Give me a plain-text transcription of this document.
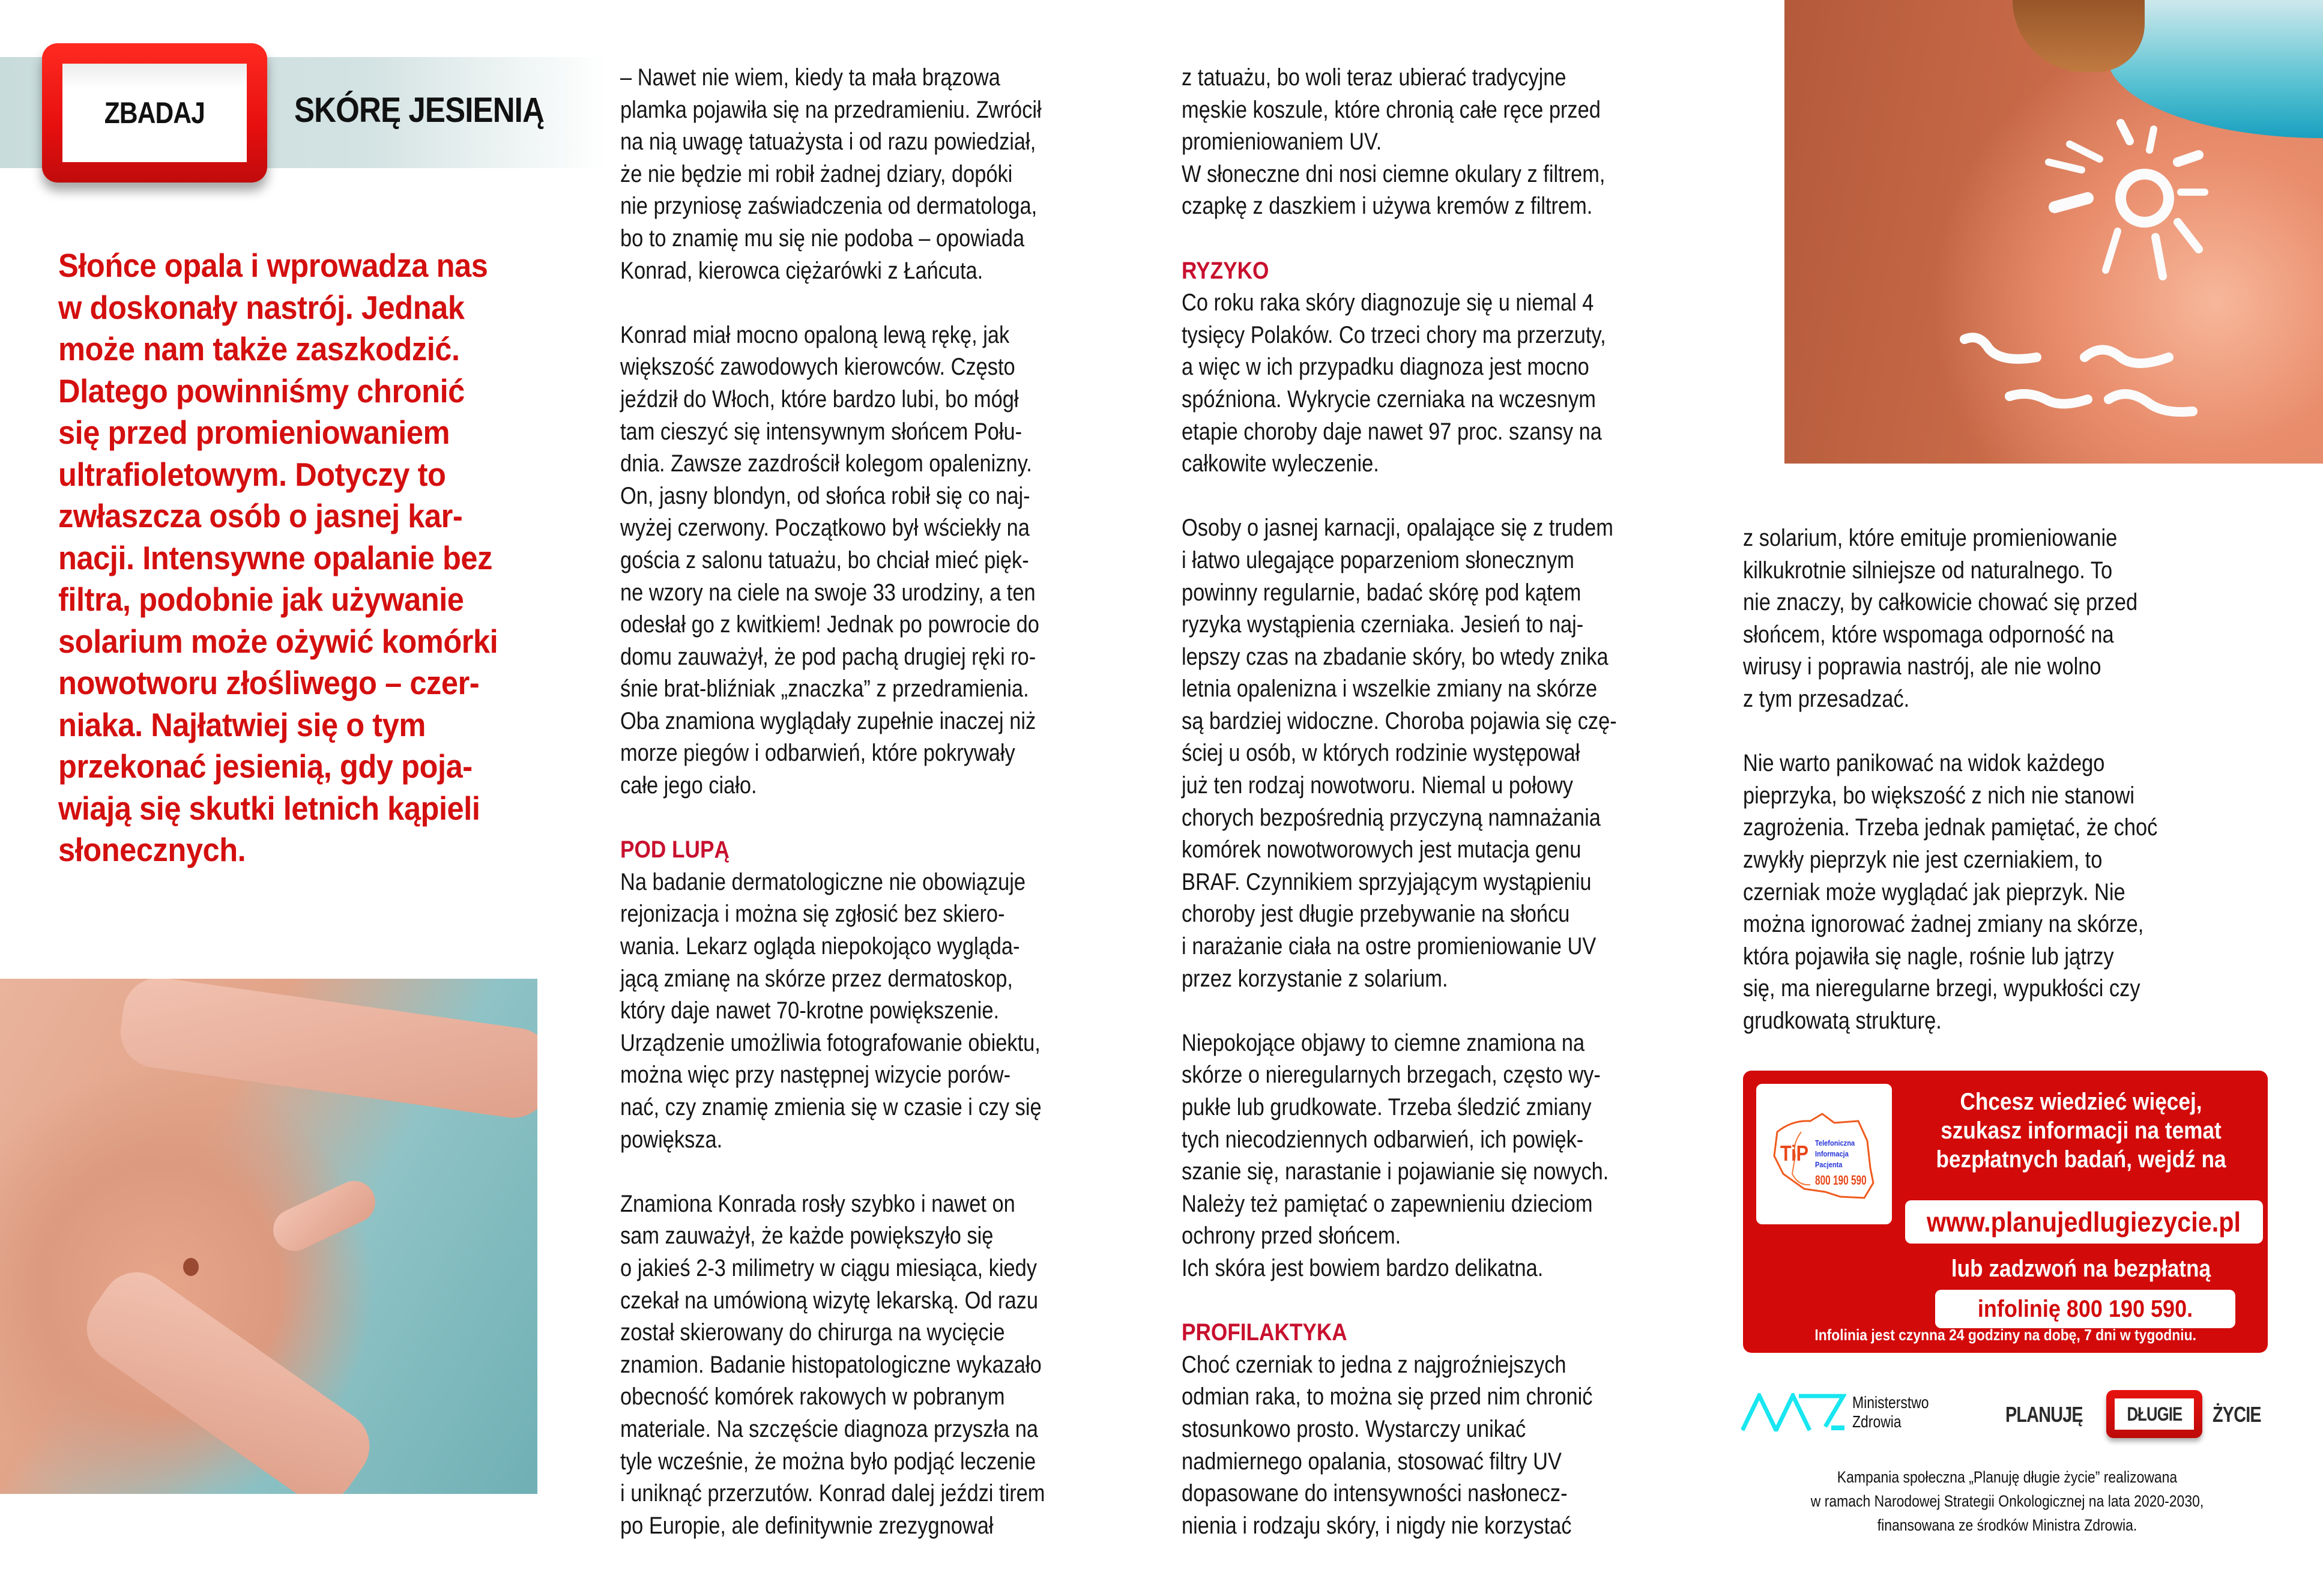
ZBADAJ	SKÓRĘ JESIENIĄ
Słońce opala i wprowadza nas
w doskonały nastrój. Jednak
może nam także zaszkodzić.
Dlatego powinniśmy chronić
się przed promieniowaniem
ultrafioletowym. Dotyczy to
zwłaszcza osób o jasnej kar-
nacji. Intensywne opalanie bez
filtra, podobnie jak używanie
solarium może ożywić komórki
nowotworu złośliwego – czer-
niaka. Najłatwiej się o tym
przekonać jesienią, gdy poja-
wiają się skutki letnich kąpieli
słonecznych.
– Nawet nie wiem, kiedy ta mała brązowa
plamka pojawiła się na przedramieniu. Zwrócił
na nią uwagę tatuażysta i od razu powiedział,
że nie będzie mi robił żadnej dziary, dopóki
nie przyniosę zaświadczenia od dermatologa,
bo to znamię mu się nie podoba – opowiada
Konrad, kierowca ciężarówki z Łańcuta.
Konrad miał mocno opaloną lewą rękę, jak
większość zawodowych kierowców. Często
jeździł do Włoch, które bardzo lubi, bo mógł
tam cieszyć się intensywnym słońcem Połu-
dnia. Zawsze zazdrościł kolegom opalenizny.
On, jasny blondyn, od słońca robił się co naj-
wyżej czerwony. Początkowo był wściekły na
gościa z salonu tatuażu, bo chciał mieć pięk-
ne wzory na ciele na swoje 33 urodziny, a ten
odesłał go z kwitkiem! Jednak po powrocie do
domu zauważył, że pod pachą drugiej ręki ro-
śnie brat-bliźniak „znaczka” z przedramienia.
Oba znamiona wyglądały zupełnie inaczej niż
morze piegów i odbarwień, które pokrywały
całe jego ciało.
POD LUPĄ
Na badanie dermatologiczne nie obowiązuje
rejonizacja i można się zgłosić bez skiero-
wania. Lekarz ogląda niepokojąco wygląda-
jącą zmianę na skórze przez dermatoskop,
który daje nawet 70-krotne powiększenie.
Urządzenie umożliwia fotografowanie obiektu,
można więc przy następnej wizycie porów-
nać, czy znamię zmienia się w czasie i czy się
powiększa.
Znamiona Konrada rosły szybko i nawet on
sam zauważył, że każde powiększyło się
o jakieś 2-3 milimetry w ciągu miesiąca, kiedy
czekał na umówioną wizytę lekarską. Od razu
został skierowany do chirurga na wycięcie
znamion. Badanie histopatologiczne wykazało
obecność komórek rakowych w pobranym
materiale. Na szczęście diagnoza przyszła na
tyle wcześnie, że można było podjąć leczenie
i uniknąć przerzutów. Konrad dalej jeździ tirem
po Europie, ale definitywnie zrezygnował
z tatuażu, bo woli teraz ubierać tradycyjne
męskie koszule, które chronią całe ręce przed
promieniowaniem UV.
W słoneczne dni nosi ciemne okulary z filtrem,
czapkę z daszkiem i używa kremów z filtrem.
RYZYKO
Co roku raka skóry diagnozuje się u niemal 4
tysięcy Polaków. Co trzeci chory ma przerzuty,
a więc w ich przypadku diagnoza jest mocno
spóźniona. Wykrycie czerniaka na wczesnym
etapie choroby daje nawet 97 proc. szansy na
całkowite wyleczenie.
Osoby o jasnej karnacji, opalające się z trudem
i łatwo ulegające poparzeniom słonecznym
powinny regularnie, badać skórę pod kątem
ryzyka wystąpienia czerniaka. Jesień to naj-
lepszy czas na zbadanie skóry, bo wtedy znika
letnia opalenizna i wszelkie zmiany na skórze
są bardziej widoczne. Choroba pojawia się czę-
ściej u osób, w których rodzinie występował
już ten rodzaj nowotworu. Niemal u połowy
chorych bezpośrednią przyczyną namnażania
komórek nowotworowych jest mutacja genu
BRAF. Czynnikiem sprzyjającym wystąpieniu
choroby jest długie przebywanie na słońcu
i narażanie ciała na ostre promieniowanie UV
przez korzystanie z solarium.
Niepokojące objawy to ciemne znamiona na
skórze o nieregularnych brzegach, często wy-
pukłe lub grudkowate. Trzeba śledzić zmiany
tych niecodziennych odbarwień, ich powięk-
szanie się, narastanie i pojawianie się nowych.
Należy też pamiętać o zapewnieniu dzieciom
ochrony przed słońcem.
Ich skóra jest bowiem bardzo delikatna.
PROFILAKTYKA
Choć czerniak to jedna z najgroźniejszych
odmian raka, to można się przed nim chronić
stosunkowo prosto. Wystarczy unikać
nadmiernego opalania, stosować filtry UV
dopasowane do intensywności nasłonecz-
nienia i rodzaju skóry, i nigdy nie korzystać
z solarium, które emituje promieniowanie
kilkukrotnie silniejsze od naturalnego. To
nie znaczy, by całkowicie chować się przed
słońcem, które wspomaga odporność na
wirusy i poprawia nastrój, ale nie wolno
z tym przesadzać.
Nie warto panikować na widok każdego
pieprzyka, bo większość z nich nie stanowi
zagrożenia. Trzeba jednak pamiętać, że choć
zwykły pieprzyk nie jest czerniakiem, to
czerniak może wyglądać jak pieprzyk. Nie
można ignorować żadnej zmiany na skórze,
która pojawiła się nagle, rośnie lub jątrzy
się, ma nieregularne brzegi, wypukłości czy
grudkowatą strukturę.
TiP Telefoniczna
Informacja
Pacjenta
800 190 590
Chcesz wiedzieć więcej,
szukasz informacji na temat
bezpłatnych badań, wejdź na
www.planujedlugiezycie.pl
lub zadzwoń na bezpłatną
infolinię 800 190 590.
Infolinia jest czynna 24 godziny na dobę, 7 dni w tygodniu.
Ministerstwo
Zdrowia	PLANUJĘ DŁUGIE ŻYCIE
Kampania społeczna „Planuję długie życie” realizowana
w ramach Narodowej Strategii Onkologicznej na lata 2020-2030,
finansowana ze środków Ministra Zdrowia.
